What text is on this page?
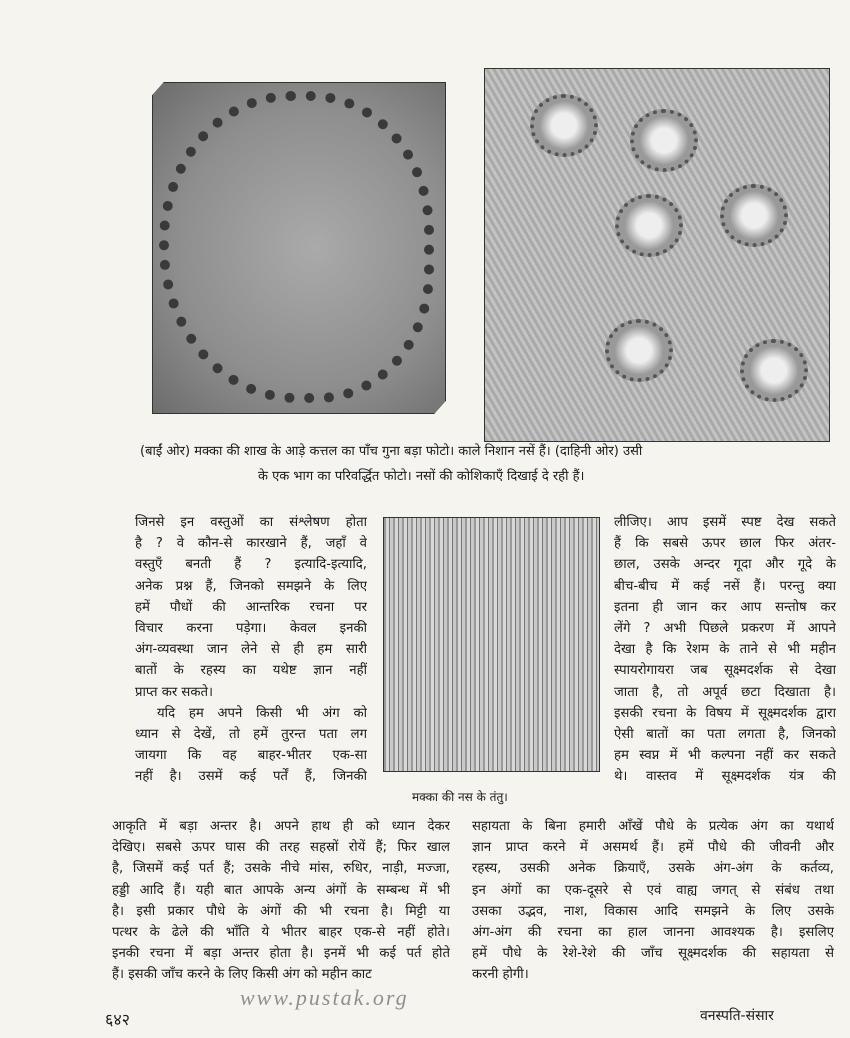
(बाईं ओर) मक्का की शाख के आड़े कत्तल का पाँच गुना बड़ा फोटो। काले निशान नसें हैं। (दाहिनी ओर) उसी
के एक भाग का परिवर्द्धित फोटो। नसों की कोशिकाएँ दिखाई दे रही हैं।
जिनसे इन वस्तुओं का संश्लेषण होता
है ? वे कौन-से कारखाने हैं, जहाँ वे
वस्तुएँ बनती हैं ? इत्यादि-इत्यादि,
अनेक प्रश्न हैं, जिनको समझने के लिए
हमें पौधों की आन्तरिक रचना पर
विचार करना पड़ेगा। केवल इनकी
अंग-व्यवस्था जान लेने से ही हम सारी
बातों के रहस्य का यथेष्ट ज्ञान नहीं
प्राप्त कर सकते।
यदि हम अपने किसी भी अंग को
ध्यान से देखें, तो हमें तुरन्त पता लग
जायगा कि वह बाहर-भीतर एक-सा
नहीं है। उसमें कई पर्तें हैं, जिनकी
मक्का की नस के तंतु।
लीजिए। आप इसमें स्पष्ट देख सकते
हैं कि सबसे ऊपर छाल फिर अंतर-
छाल, उसके अन्दर गूदा और गूदे के
बीच-बीच में कई नसें हैं। परन्तु क्या
इतना ही जान कर आप सन्तोष कर
लेंगे ? अभी पिछले प्रकरण में आपने
देखा है कि रेशम के ताने से भी महीन
स्पायरोगायरा जब सूक्ष्मदर्शक से देखा
जाता है, तो अपूर्व छटा दिखाता है।
इसकी रचना के विषय में सूक्ष्मदर्शक द्वारा
ऐसी बातों का पता लगता है, जिनको
हम स्वप्न में भी कल्पना नहीं कर सकते
थे। वास्तव में सूक्ष्मदर्शक यंत्र की
आकृति में बड़ा अन्तर है। अपने हाथ ही को ध्यान देकर
देखिए। सबसे ऊपर घास की तरह सहस्रों रोयें हैं; फिर खाल
है, जिसमें कई पर्त हैं; उसके नीचे मांस, रुधिर, नाड़ी, मज्जा,
हड्डी आदि हैं। यही बात आपके अन्य अंगों के सम्बन्ध में भी
है। इसी प्रकार पौधे के अंगों की भी रचना है। मिट्टी या
पत्थर के ढेले की भाँति ये भीतर बाहर एक-से नहीं होते।
इनकी रचना में बड़ा अन्तर होता है। इनमें भी कई पर्त होते
हैं। इसकी जाँच करने के लिए किसी अंग को महीन काट
सहायता के बिना हमारी आँखें पौधे के प्रत्येक अंग का यथार्थ
ज्ञान प्राप्त करने में असमर्थ हैं। हमें पौधे की जीवनी और
रहस्य, उसकी अनेक क्रियाएँ, उसके अंग-अंग के कर्तव्य,
इन अंगों का एक-दूसरे से एवं वाह्य जगत् से संबंध तथा
उसका उद्भव, नाश, विकास आदि समझने के लिए उसके
अंग-अंग की रचना का हाल जानना आवश्यक है। इसलिए
हमें पौधे के रेशे-रेशे की जाँच सूक्ष्मदर्शक की सहायता से
करनी होगी।
www.pustak.org
६४२	वनस्पति-संसार
